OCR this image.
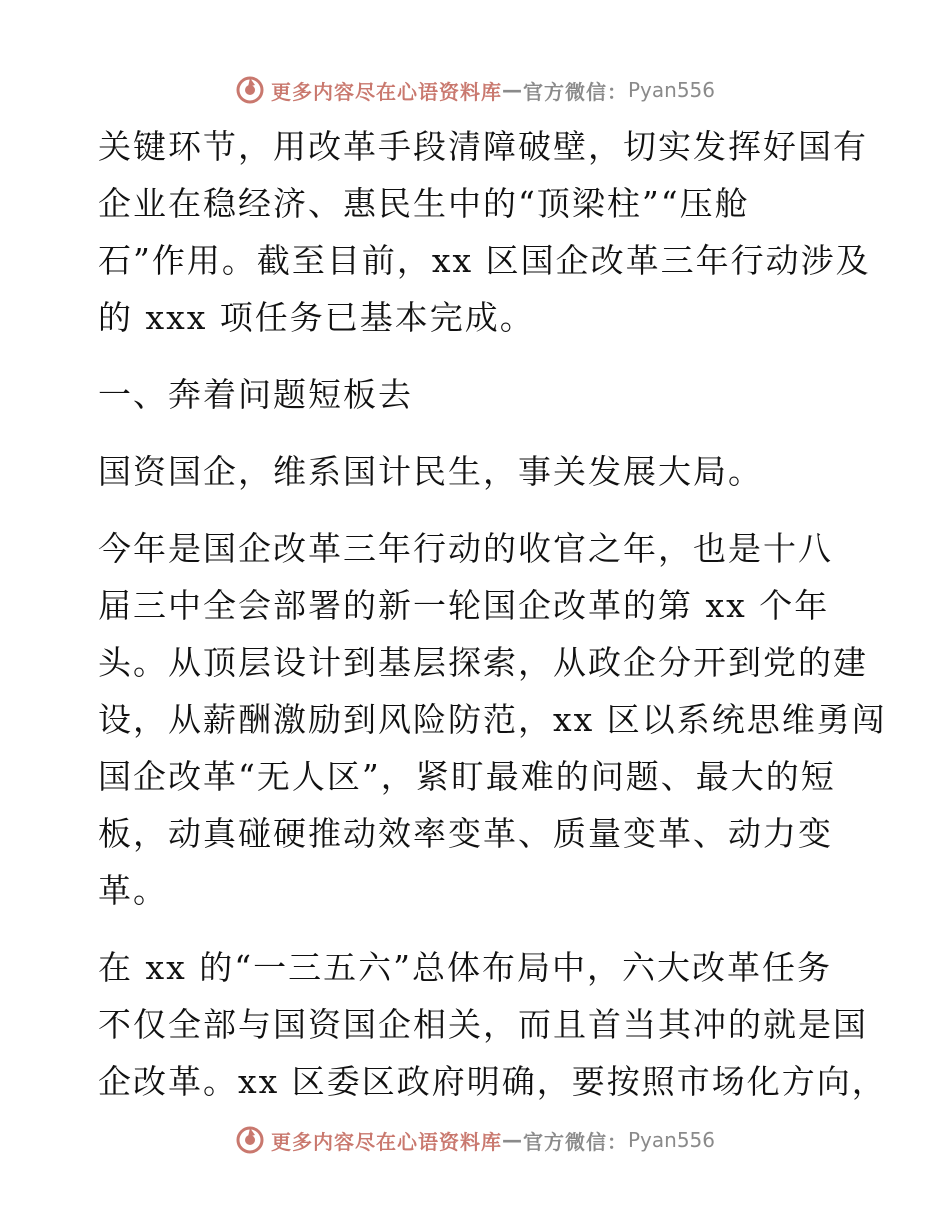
更多内容尽在心语资料库 — 官方微信： Pyan556
关键环节，用改革手段清障破壁，切实发挥好国有
企业在稳经济、惠民生中的“顶梁柱”“压舱
石”作用。截至目前，xx 区国企改革三年行动涉及
的 xxx 项任务已基本完成。
一、奔着问题短板去
国资国企，维系国计民生，事关发展大局。
今年是国企改革三年行动的收官之年，也是十八
届三中全会部署的新一轮国企改革的第 xx 个年
头。从顶层设计到基层探索，从政企分开到党的建
设，从薪酬激励到风险防范，xx 区以系统思维勇闯
国企改革“无人区”，紧盯最难的问题、最大的短
板，动真碰硬推动效率变革、质量变革、动力变
革。
在 xx 的“一三五六”总体布局中，六大改革任务
不仅全部与国资国企相关，而且首当其冲的就是国
企改革。xx 区委区政府明确，要按照市场化方向，
更多内容尽在心语资料库 — 官方微信： Pyan556
